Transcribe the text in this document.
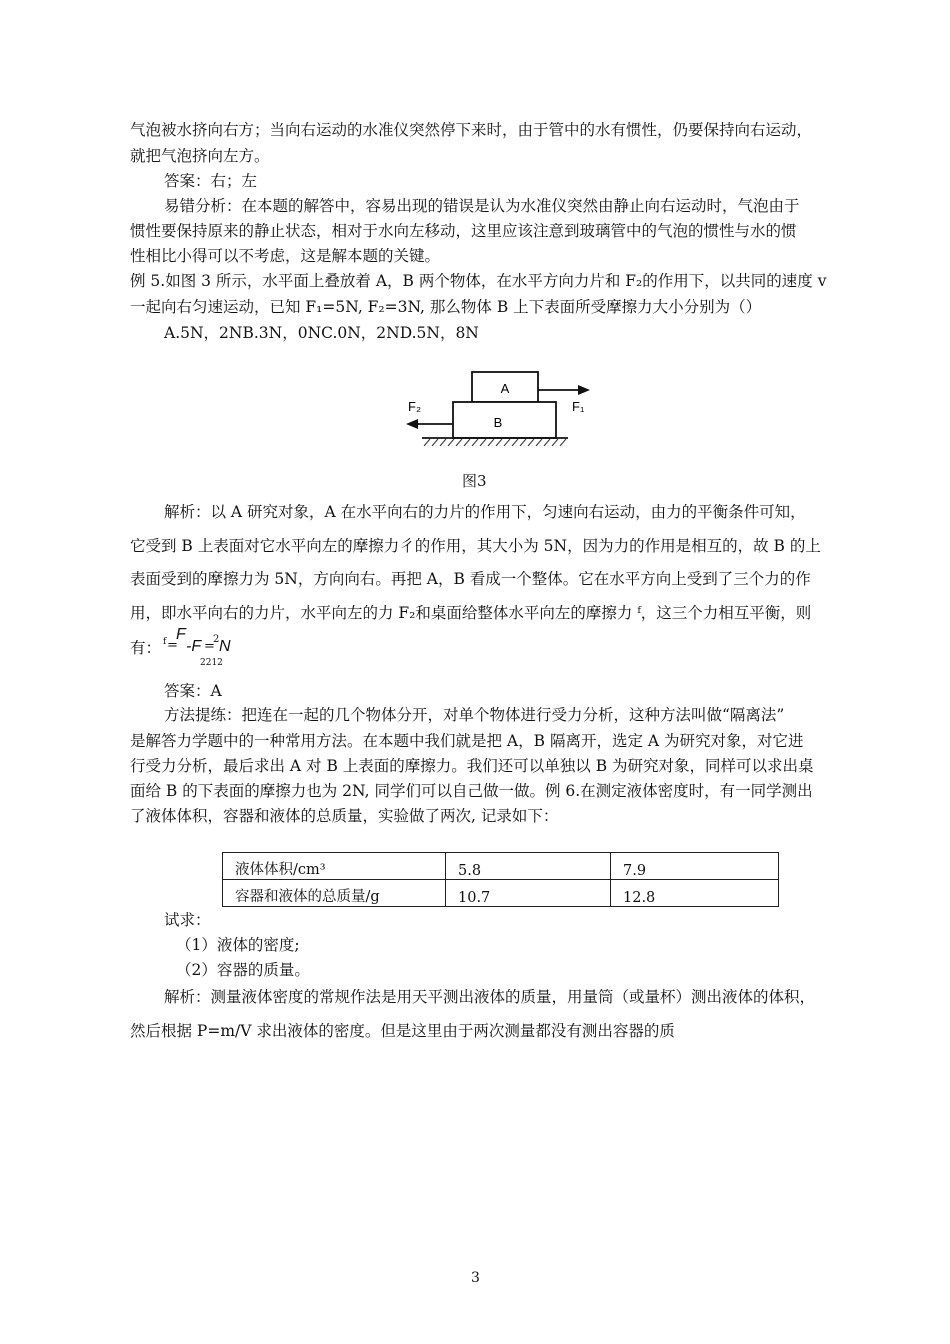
气泡被水挤向右方；当向右运动的水准仪突然停下来时，由于管中的水有惯性，仍要保持向右运动，
就把气泡挤向左方。
答案：右；左
易错分析：在本题的解答中，容易出现的错误是认为水准仪突然由静止向右运动时，气泡由于
惯性要保持原来的静止状态，相对于水向左移动，这里应该注意到玻璃管中的气泡的惯性与水的惯
性相比小得可以不考虑，这是解本题的关键。
例 5.如图 3 所示，水平面上叠放着 A，B 两个物体，在水平方向力片和 F₂的作用下，以共同的速度 v
一起向右匀速运动，已知 F₁=5N, F₂=3N, 那么物体 B 上下表面所受摩擦力大小分别为（）
A.5N，2NB.3N，0NC.0N，2ND.5N，8N
A
B
F₁
F₂
图3
解析：以 A 研究对象，A 在水平向右的力片的作用下，匀速向右运动，由力的平衡条件可知，
它受到 B 上表面对它水平向左的摩擦力彳的作用，其大小为 5N，因为力的作用是相互的，故 B 的上
表面受到的摩擦力为 5N，方向向右。再把 A，B 看成一个整体。它在水平方向上受到了三个力的作
用，即水平向右的力片，水平向左的力 F₂和桌面给整体水平向左的摩擦力 ᶠ，这三个力相互平衡，则
有： f =
F
-F =
2 N
2212
答案：A
方法提练：把连在一起的几个物体分开，对单个物体进行受力分析，这种方法叫做“隔离法”
是解答力学题中的一种常用方法。在本题中我们就是把 A，B 隔离开，选定 A 为研究对象，对它进
行受力分析，最后求出 A 对 B 上表面的摩擦力。我们还可以单独以 B 为研究对象，同样可以求出桌
面给 B 的下表面的摩擦力也为 2N, 同学们可以自己做一做。例 6.在测定液体密度时，有一同学测出
了液体体积，容器和液体的总质量，实验做了两次, 记录如下：
液体体积/cm³	5.8	7.9
容器和液体的总质量/g	10.7	12.8
试求：
（1）液体的密度;
（2）容器的质量。
解析：测量液体密度的常规作法是用天平测出液体的质量，用量筒（或量杯）测出液体的体积，
然后根据 P=m/V 求出液体的密度。但是这里由于两次测量都没有测出容器的质
3
